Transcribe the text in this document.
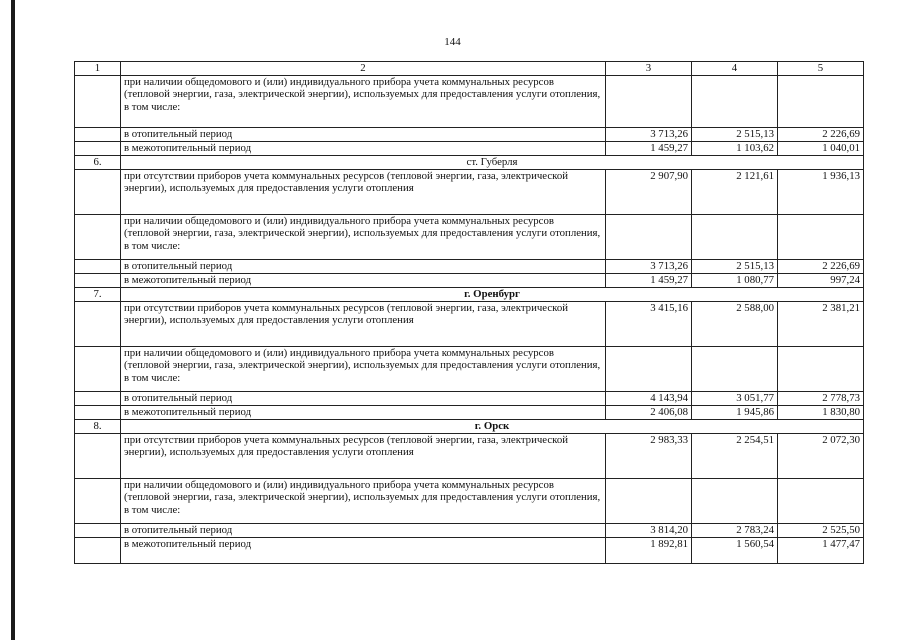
144
1	2	3	4	5
	при наличии общедомового и (или) индивидуального прибора учета коммунальных ресурсов (тепловой энергии, газа, электрической энергии), используемых для предоставления услуги отопления, в том числе:			
	в отопительный период	3 713,26	2 515,13	2 226,69
	в межотопительный период	1 459,27	1 103,62	1 040,01
6.	ст. Губерля			
	при отсутствии приборов учета коммунальных ресурсов (тепловой энергии, газа, электрической энергии), используемых для предоставления услуги отопления	2 907,90	2 121,61	1 936,13
	при наличии общедомового и (или) индивидуального прибора учета коммунальных ресурсов (тепловой энергии, газа, электрической энергии), используемых для предоставления услуги отопления, в том числе:			
	в отопительный период	3 713,26	2 515,13	2 226,69
	в межотопительный период	1 459,27	1 080,77	997,24
7.	г. Оренбург			
	при отсутствии приборов учета коммунальных ресурсов (тепловой энергии, газа, электрической энергии), используемых для предоставления услуги отопления	3 415,16	2 588,00	2 381,21
	при наличии общедомового и (или) индивидуального прибора учета коммунальных ресурсов (тепловой энергии, газа, электрической энергии), используемых для предоставления услуги отопления, в том числе:			
	в отопительный период	4 143,94	3 051,77	2 778,73
	в межотопительный период	2 406,08	1 945,86	1 830,80
8.	г. Орск			
	при отсутствии приборов учета коммунальных ресурсов (тепловой энергии, газа, электрической энергии), используемых для предоставления услуги отопления	2 983,33	2 254,51	2 072,30
	при наличии общедомового и (или) индивидуального прибора учета коммунальных ресурсов (тепловой энергии, газа, электрической энергии), используемых для предоставления услуги отопления, в том числе:			
	в отопительный период	3 814,20	2 783,24	2 525,50
	в межотопительный период	1 892,81	1 560,54	1 477,47
